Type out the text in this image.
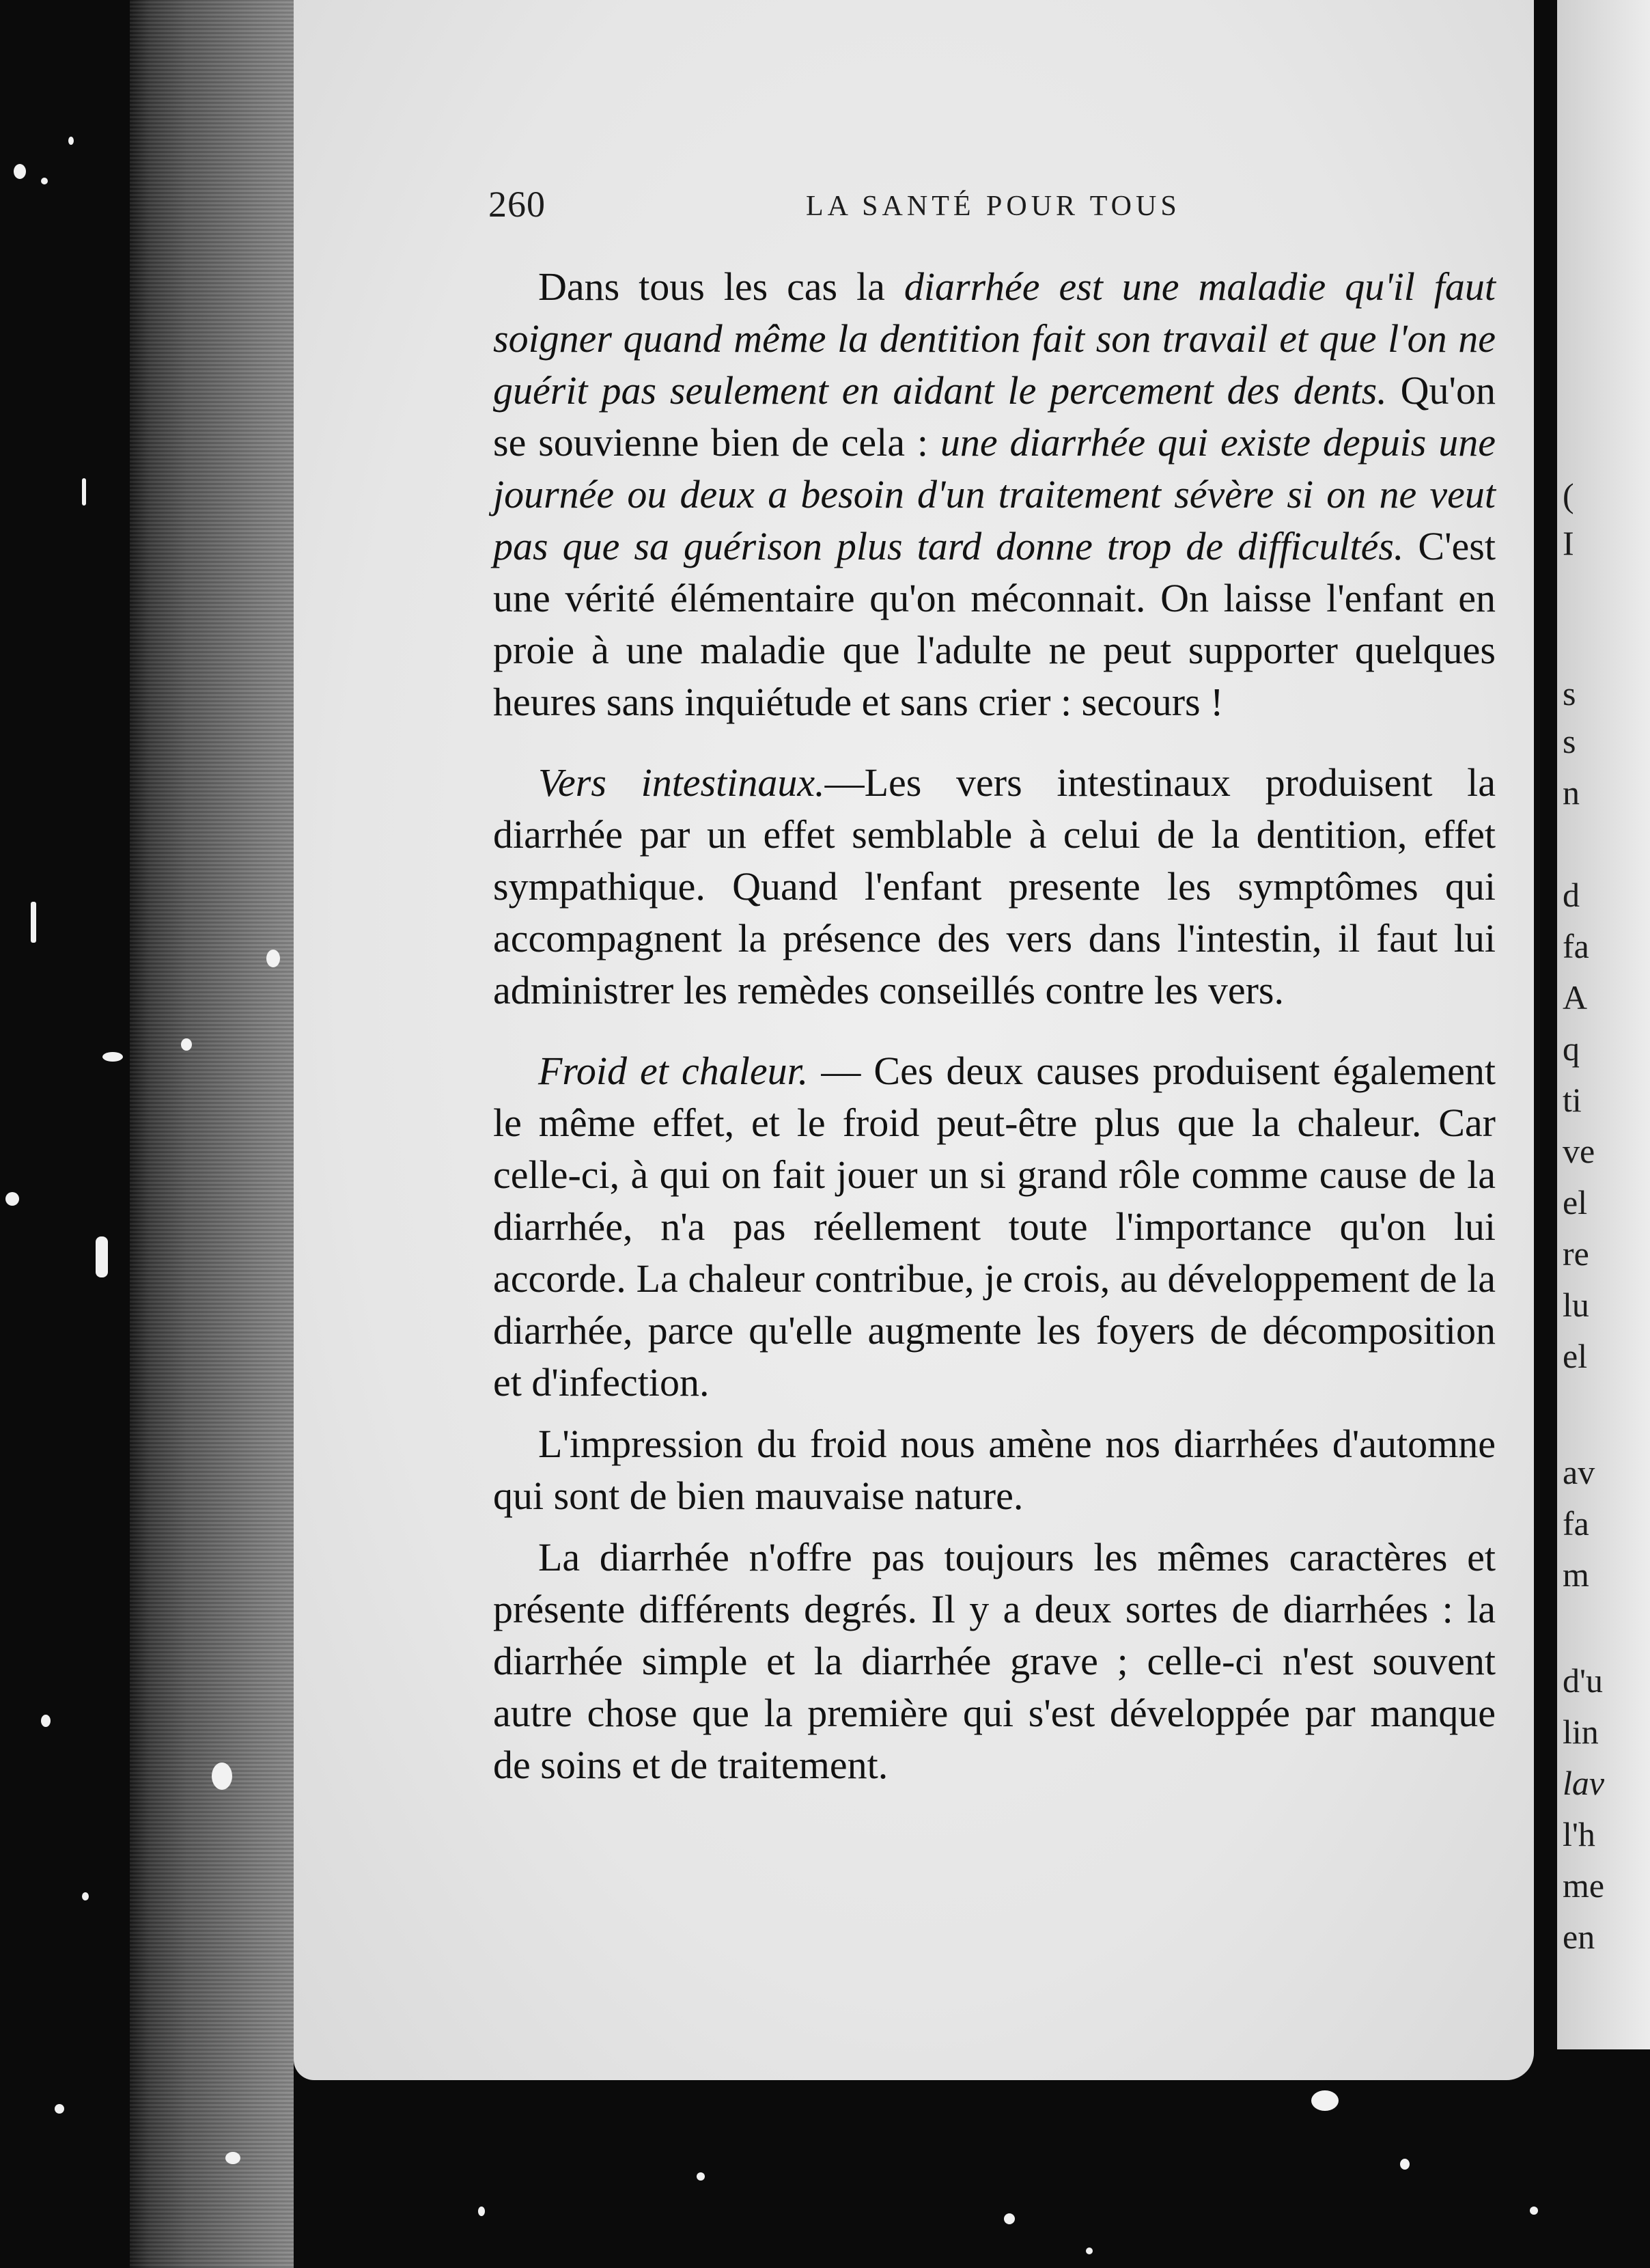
(
I
s
s
n
d
fa
A
q
ti
ve
el
re
lu
el
av
fa
m
d'u
lin
lav
l'h
me
en
260	LA SANTÉ POUR TOUS

Dans tous les cas la diarrhée est une maladie qu'il faut soigner quand même la dentition fait son travail et que l'on ne guérit pas seulement en aidant le percement des dents. Qu'on se souvienne bien de cela : une diarrhée qui existe depuis une journée ou deux a besoin d'un traitement sévère si on ne veut pas que sa guérison plus tard donne trop de difficultés. C'est une vérité élémentaire qu'on méconnait. On laisse l'enfant en proie à une maladie que l'adulte ne peut supporter quelques heures sans inquiétude et sans crier : secours !

Vers intestinaux.—Les vers intestinaux produisent la diarrhée par un effet semblable à celui de la dentition, effet sympathique. Quand l'enfant presente les symptômes qui accompagnent la présence des vers dans l'intestin, il faut lui administrer les remèdes conseillés contre les vers.

Froid et chaleur. — Ces deux causes produisent également le même effet, et le froid peut-être plus que la chaleur. Car celle-ci, à qui on fait jouer un si grand rôle comme cause de la diarrhée, n'a pas réellement toute l'importance qu'on lui accorde. La chaleur contribue, je crois, au développement de la diarrhée, parce qu'elle augmente les foyers de décomposition et d'infection.

L'impression du froid nous amène nos diarrhées d'automne qui sont de bien mauvaise nature.

La diarrhée n'offre pas toujours les mêmes caractères et présente différents degrés. Il y a deux sortes de diarrhées : la diarrhée simple et la diarrhée grave ; celle-ci n'est souvent autre chose que la première qui s'est développée par manque de soins et de traitement.
